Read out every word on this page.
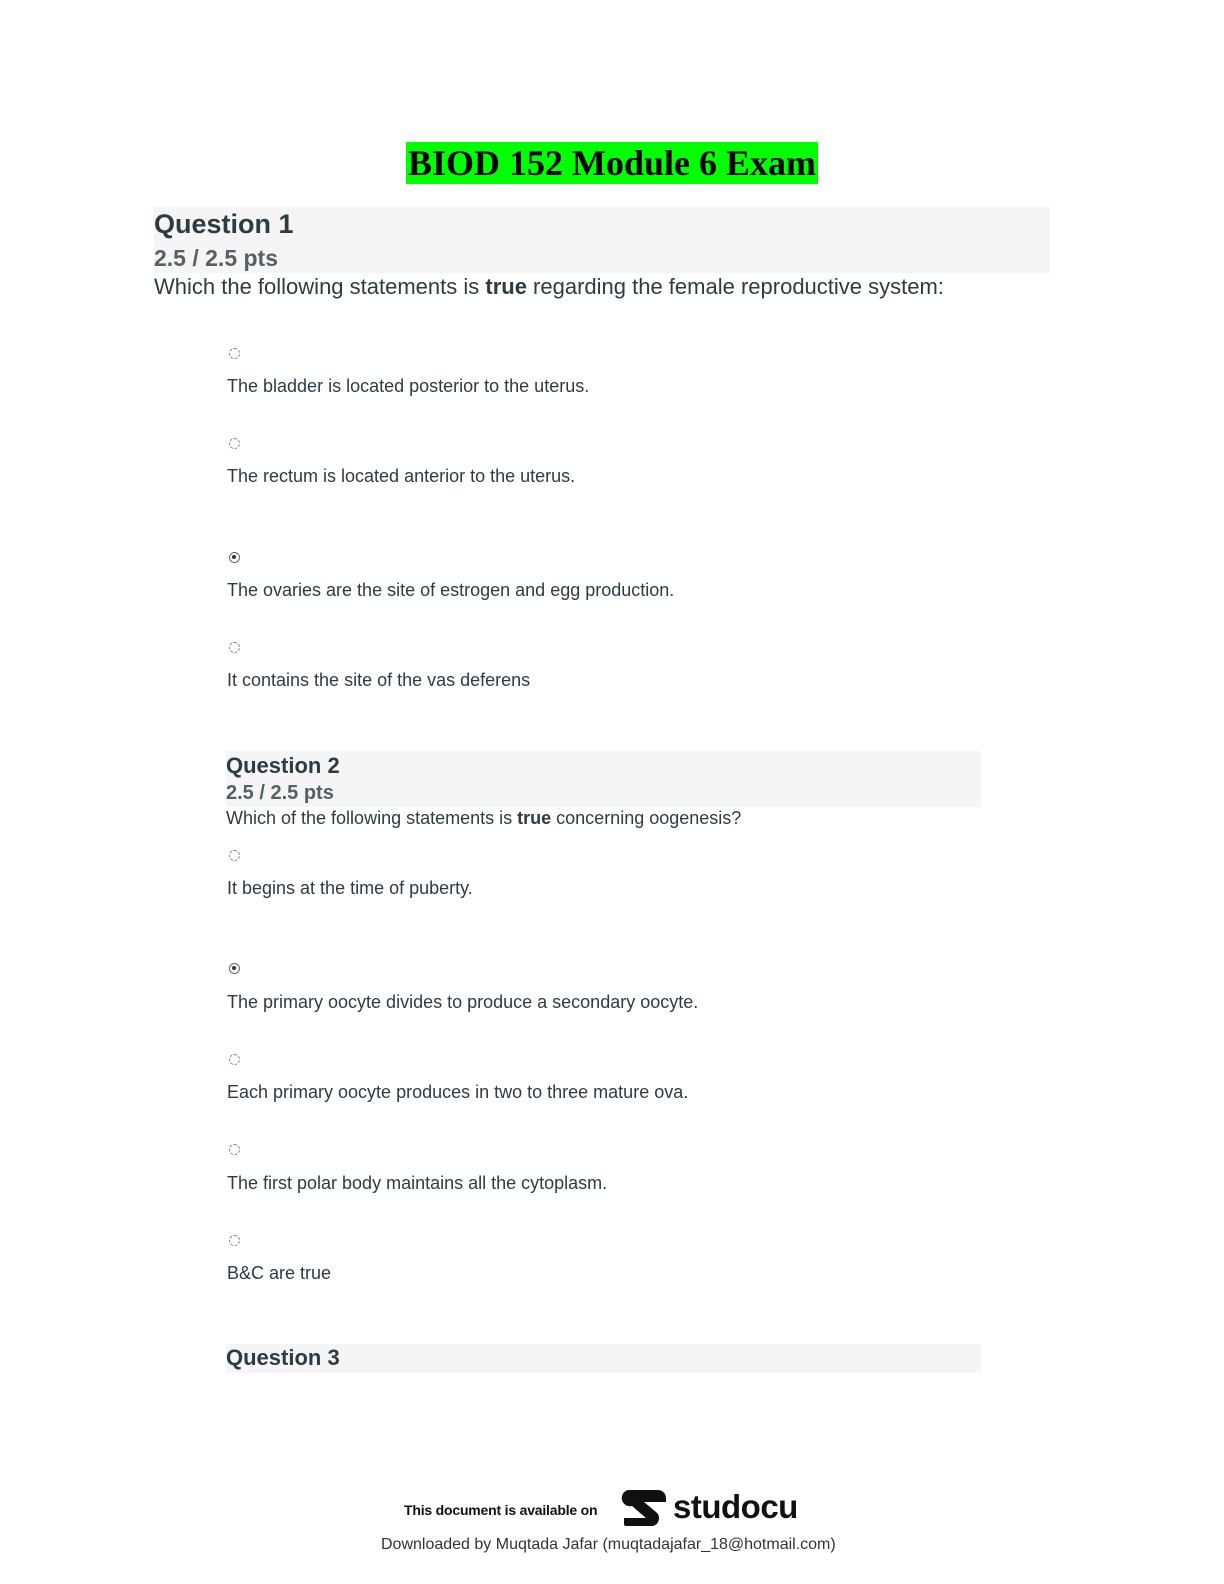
BIOD 152 Module 6 Exam
Question 1
2.5 / 2.5 pts
Which the following statements is true regarding the female reproductive system:
The bladder is located posterior to the uterus.
The rectum is located anterior to the uterus.
The ovaries are the site of estrogen and egg production.
It contains the site of the vas deferens
Question 2
2.5 / 2.5 pts
Which of the following statements is true concerning oogenesis?
It begins at the time of puberty.
The primary oocyte divides to produce a secondary oocyte.
Each primary oocyte produces in two to three mature ova.
The first polar body maintains all the cytoplasm.
B&C are true
Question 3
This document is available on studocu
Downloaded by Muqtada Jafar (muqtadajafar_18@hotmail.com)
